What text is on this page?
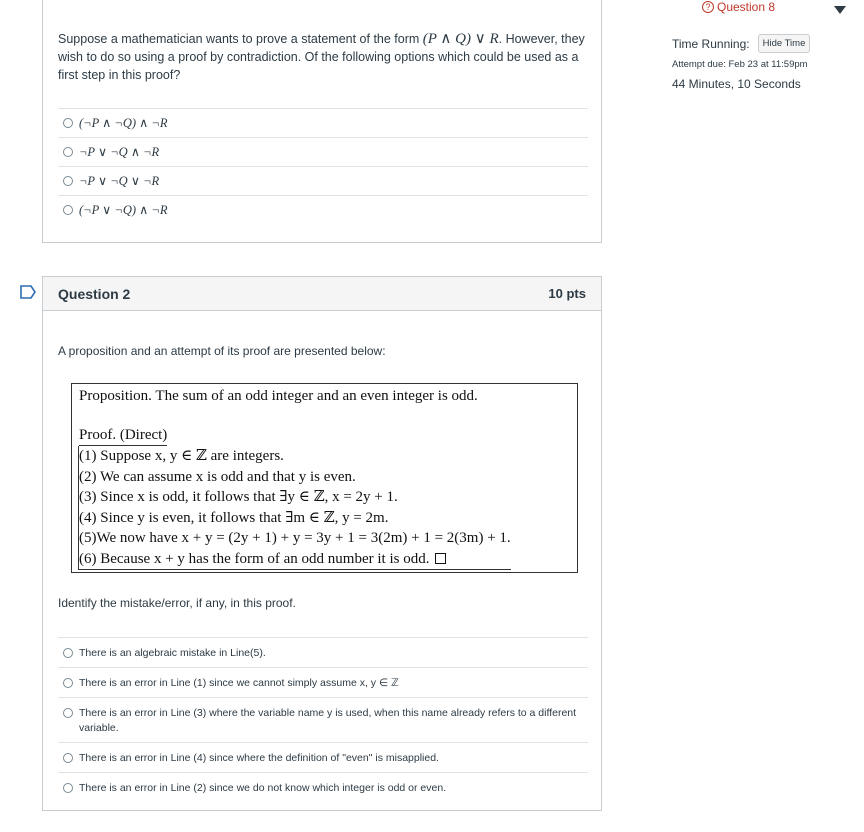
Suppose a mathematician wants to prove a statement of the form (P ∧ Q) ∨ R. However, they wish to do so using a proof by contradiction. Of the following options which could be used as a first step in this proof?
(¬P ∧ ¬Q) ∧ ¬R
¬P ∨ ¬Q ∧ ¬R
¬P ∨ ¬Q ∨ ¬R
(¬P ∨ ¬Q) ∧ ¬R
Question 2	10 pts
A proposition and an attempt of its proof are presented below:
Proposition. The sum of an odd integer and an even integer is odd.
Proof. (Direct)
(1) Suppose x, y ∈ ℤ are integers.
(2) We can assume x is odd and that y is even.
(3) Since x is odd, it follows that ∃y ∈ ℤ, x = 2y + 1.
(4) Since y is even, it follows that ∃m ∈ ℤ, y = 2m.
(5)We now have x + y = (2y + 1) + y = 3y + 1 = 3(2m) + 1 = 2(3m) + 1.
(6) Because x + y has the form of an odd number it is odd.
Identify the mistake/error, if any, in this proof.
There is an algebraic mistake in Line(5).
There is an error in Line (1) since we cannot simply assume x, y ∈ ℤ
There is an error in Line (3) where the variable name y is used, when this name already refers to a different variable.
There is an error in Line (4) since where the definition of "even" is misapplied.
There is an error in Line (2) since we do not know which integer is odd or even.
? Question 8
Time Running:	Hide Time
Attempt due: Feb 23 at 11:59pm
44 Minutes, 10 Seconds
